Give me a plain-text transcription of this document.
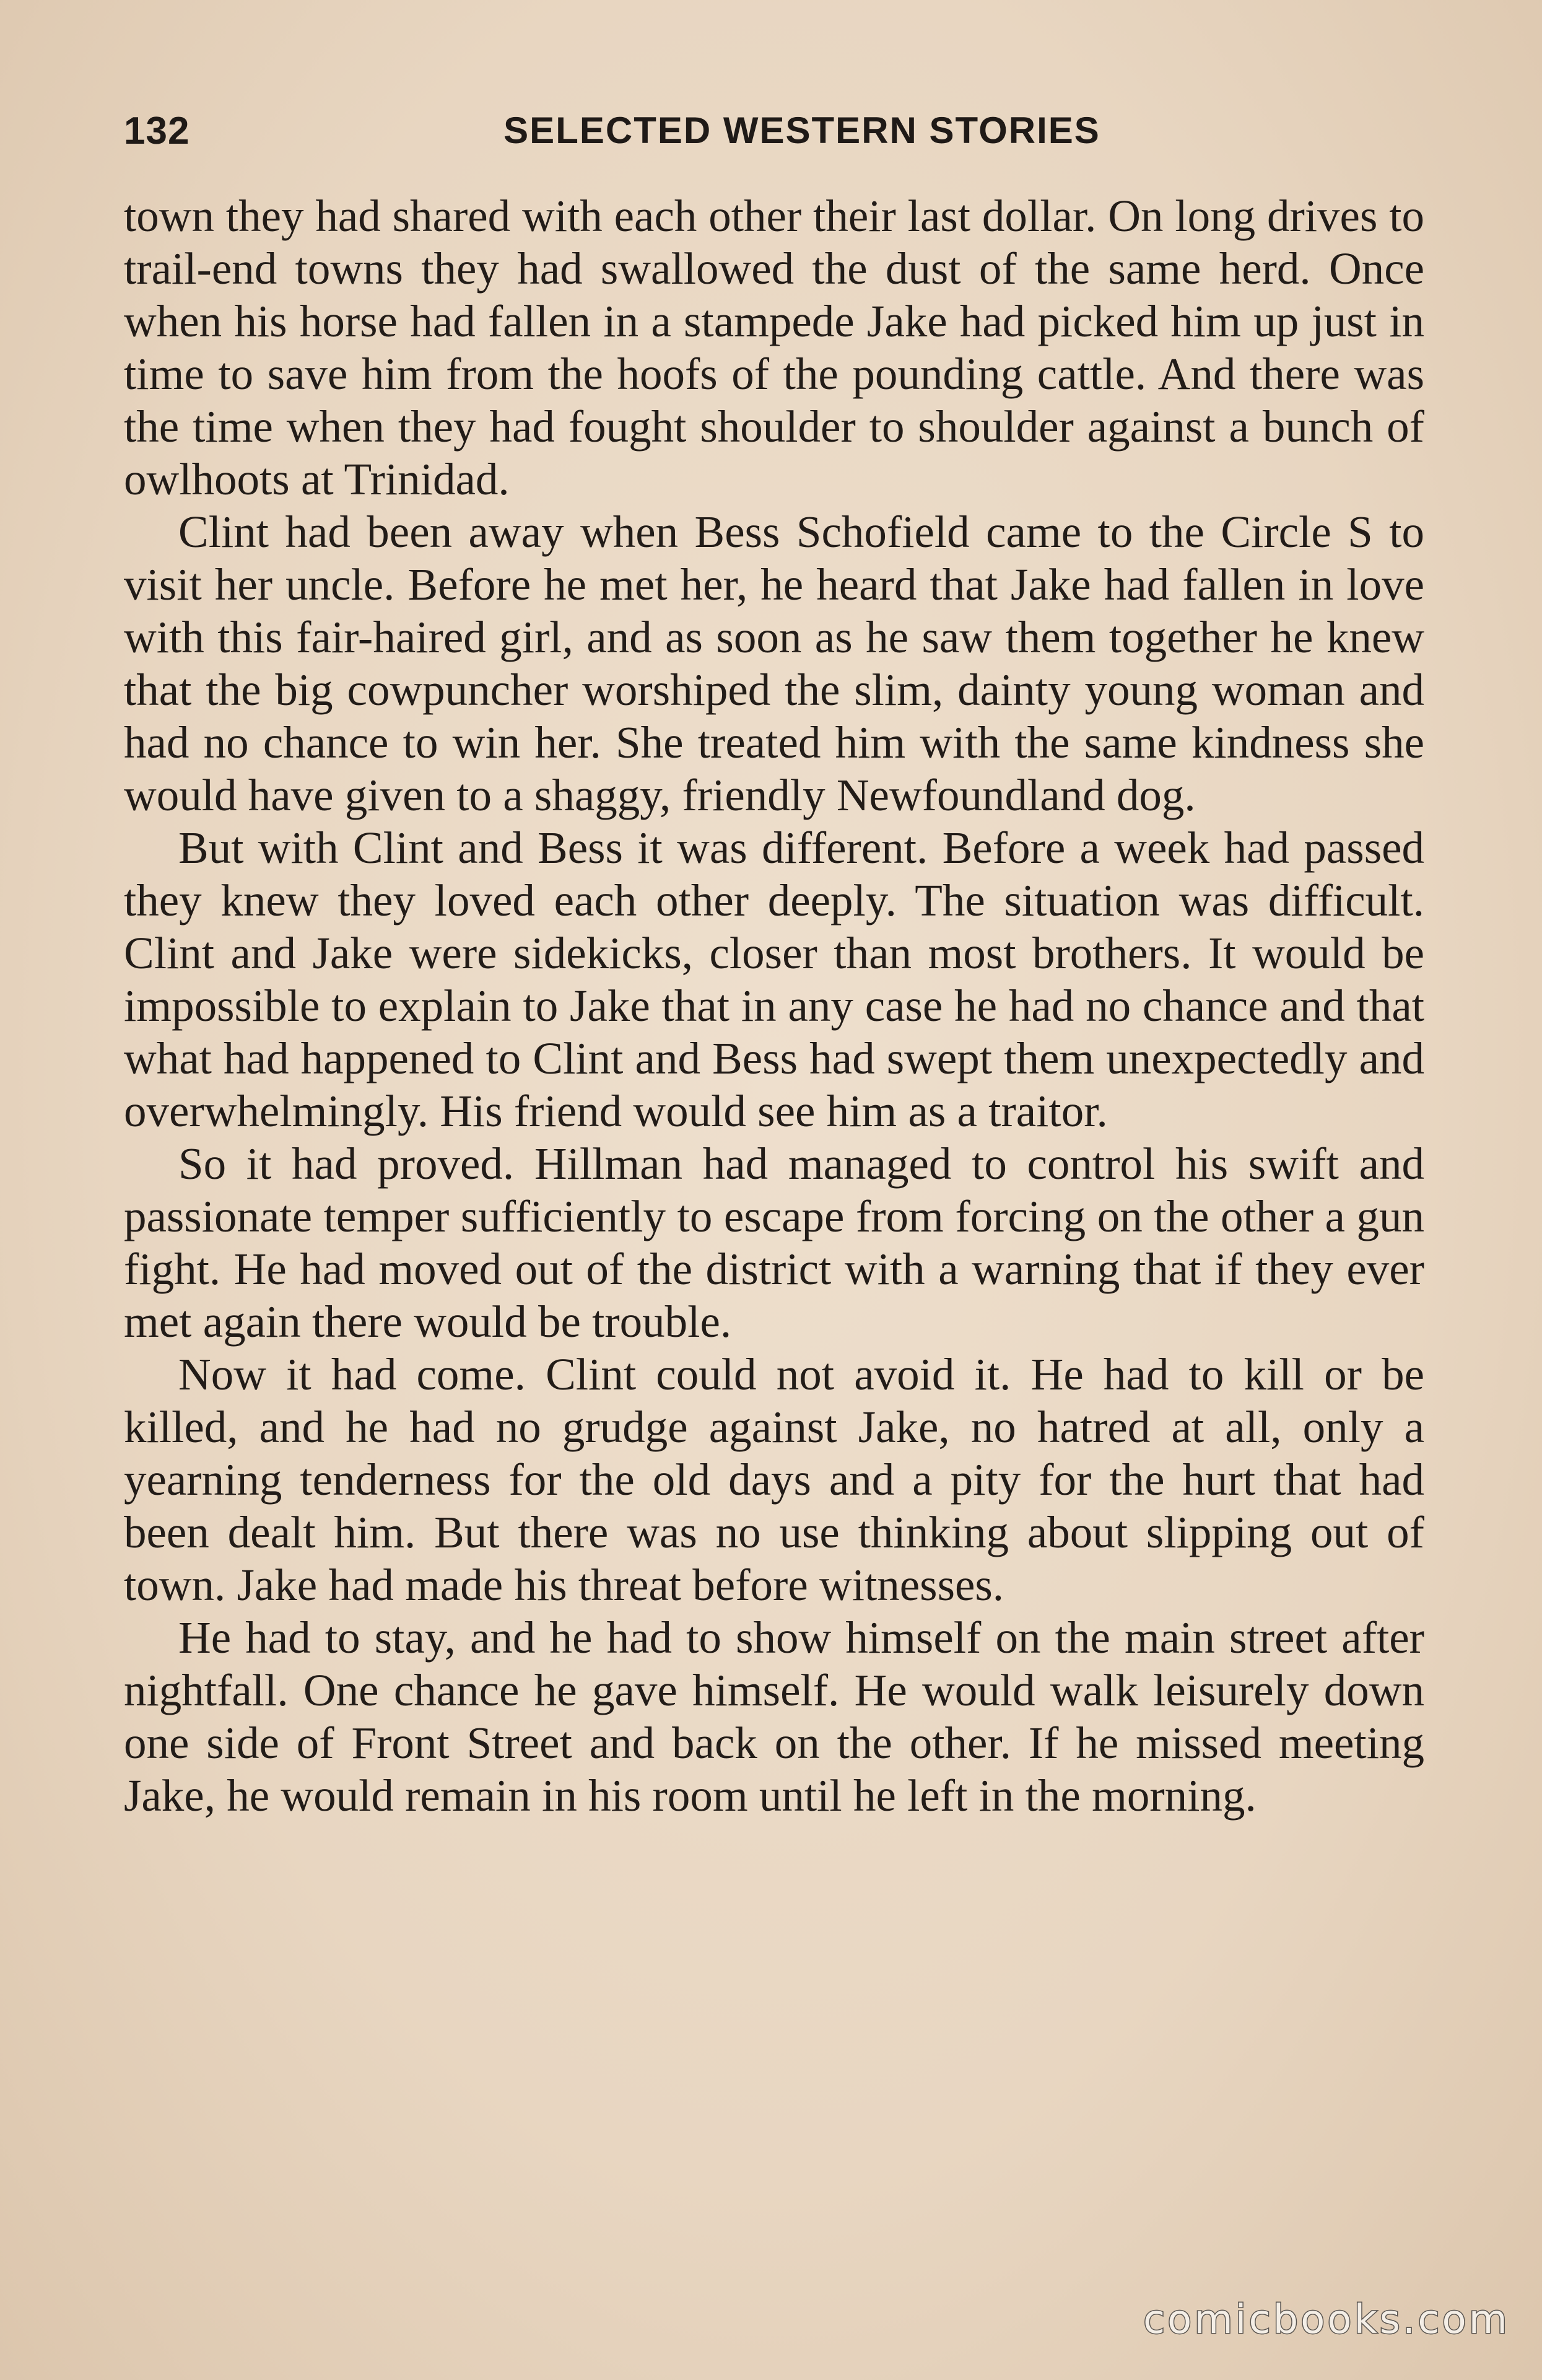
132	SELECTED WESTERN STORIES

town they had shared with each other their last dollar. On long drives to trail-end towns they had swallowed the dust of the same herd. Once when his horse had fallen in a stampede Jake had picked him up just in time to save him from the hoofs of the pounding cattle. And there was the time when they had fought shoulder to shoulder against a bunch of owlhoots at Trinidad.

Clint had been away when Bess Schofield came to the Circle S to visit her uncle. Before he met her, he heard that Jake had fallen in love with this fair-haired girl, and as soon as he saw them together he knew that the big cowpuncher worshiped the slim, dainty young woman and had no chance to win her. She treated him with the same kindness she would have given to a shaggy, friendly Newfoundland dog.

But with Clint and Bess it was different. Before a week had passed they knew they loved each other deeply. The situation was difficult. Clint and Jake were sidekicks, closer than most brothers. It would be impossible to explain to Jake that in any case he had no chance and that what had happened to Clint and Bess had swept them unexpectedly and overwhelmingly. His friend would see him as a traitor.

So it had proved. Hillman had managed to control his swift and passionate temper sufficiently to escape from forcing on the other a gun fight. He had moved out of the district with a warning that if they ever met again there would be trouble.

Now it had come. Clint could not avoid it. He had to kill or be killed, and he had no grudge against Jake, no hatred at all, only a yearning tenderness for the old days and a pity for the hurt that had been dealt him. But there was no use thinking about slipping out of town. Jake had made his threat before witnesses.

He had to stay, and he had to show himself on the main street after nightfall. One chance he gave himself. He would walk leisurely down one side of Front Street and back on the other. If he missed meeting Jake, he would remain in his room until he left in the morning.

comicbooks.com
